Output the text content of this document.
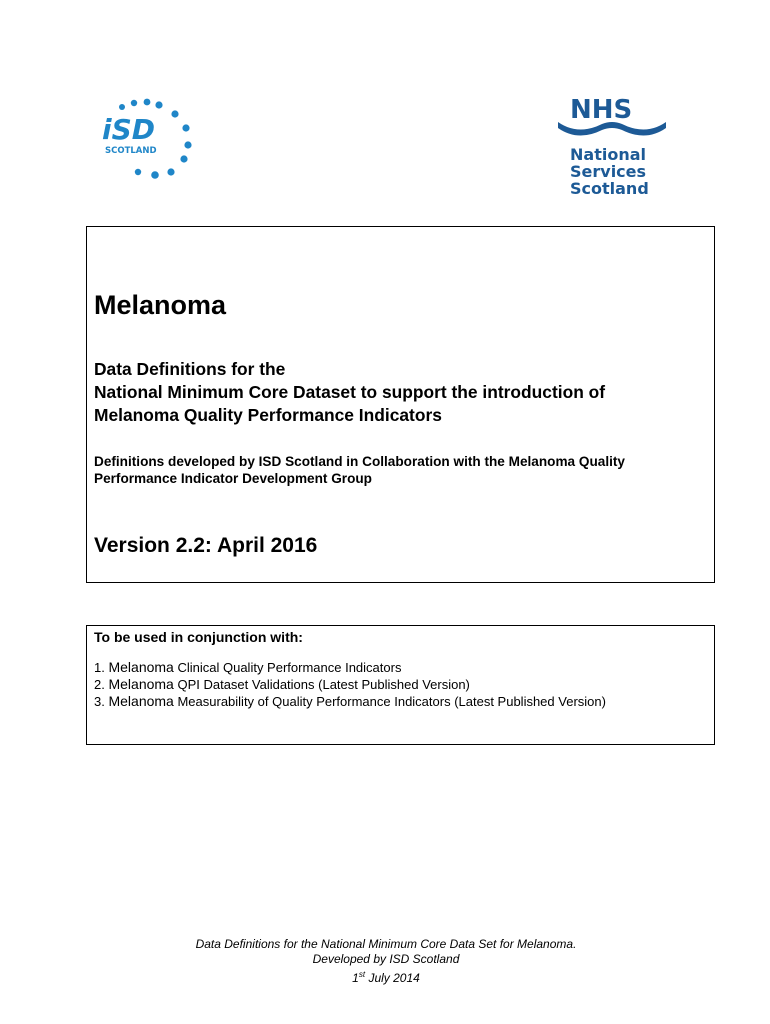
iSD
SCOTLAND
NHS
National
Services
Scotland
Melanoma

Data Definitions for the
National Minimum Core Dataset to support the introduction of
Melanoma Quality Performance Indicators

Definitions developed by ISD Scotland in Collaboration with the Melanoma Quality
Performance Indicator Development Group

Version 2.2: April 2016

To be used in conjunction with:

1. Melanoma Clinical Quality Performance Indicators
2. Melanoma QPI Dataset Validations (Latest Published Version)
3. Melanoma Measurability of Quality Performance Indicators (Latest Published Version)

Data Definitions for the National Minimum Core Data Set for Melanoma.

Developed by ISD Scotland

1st July 2014
